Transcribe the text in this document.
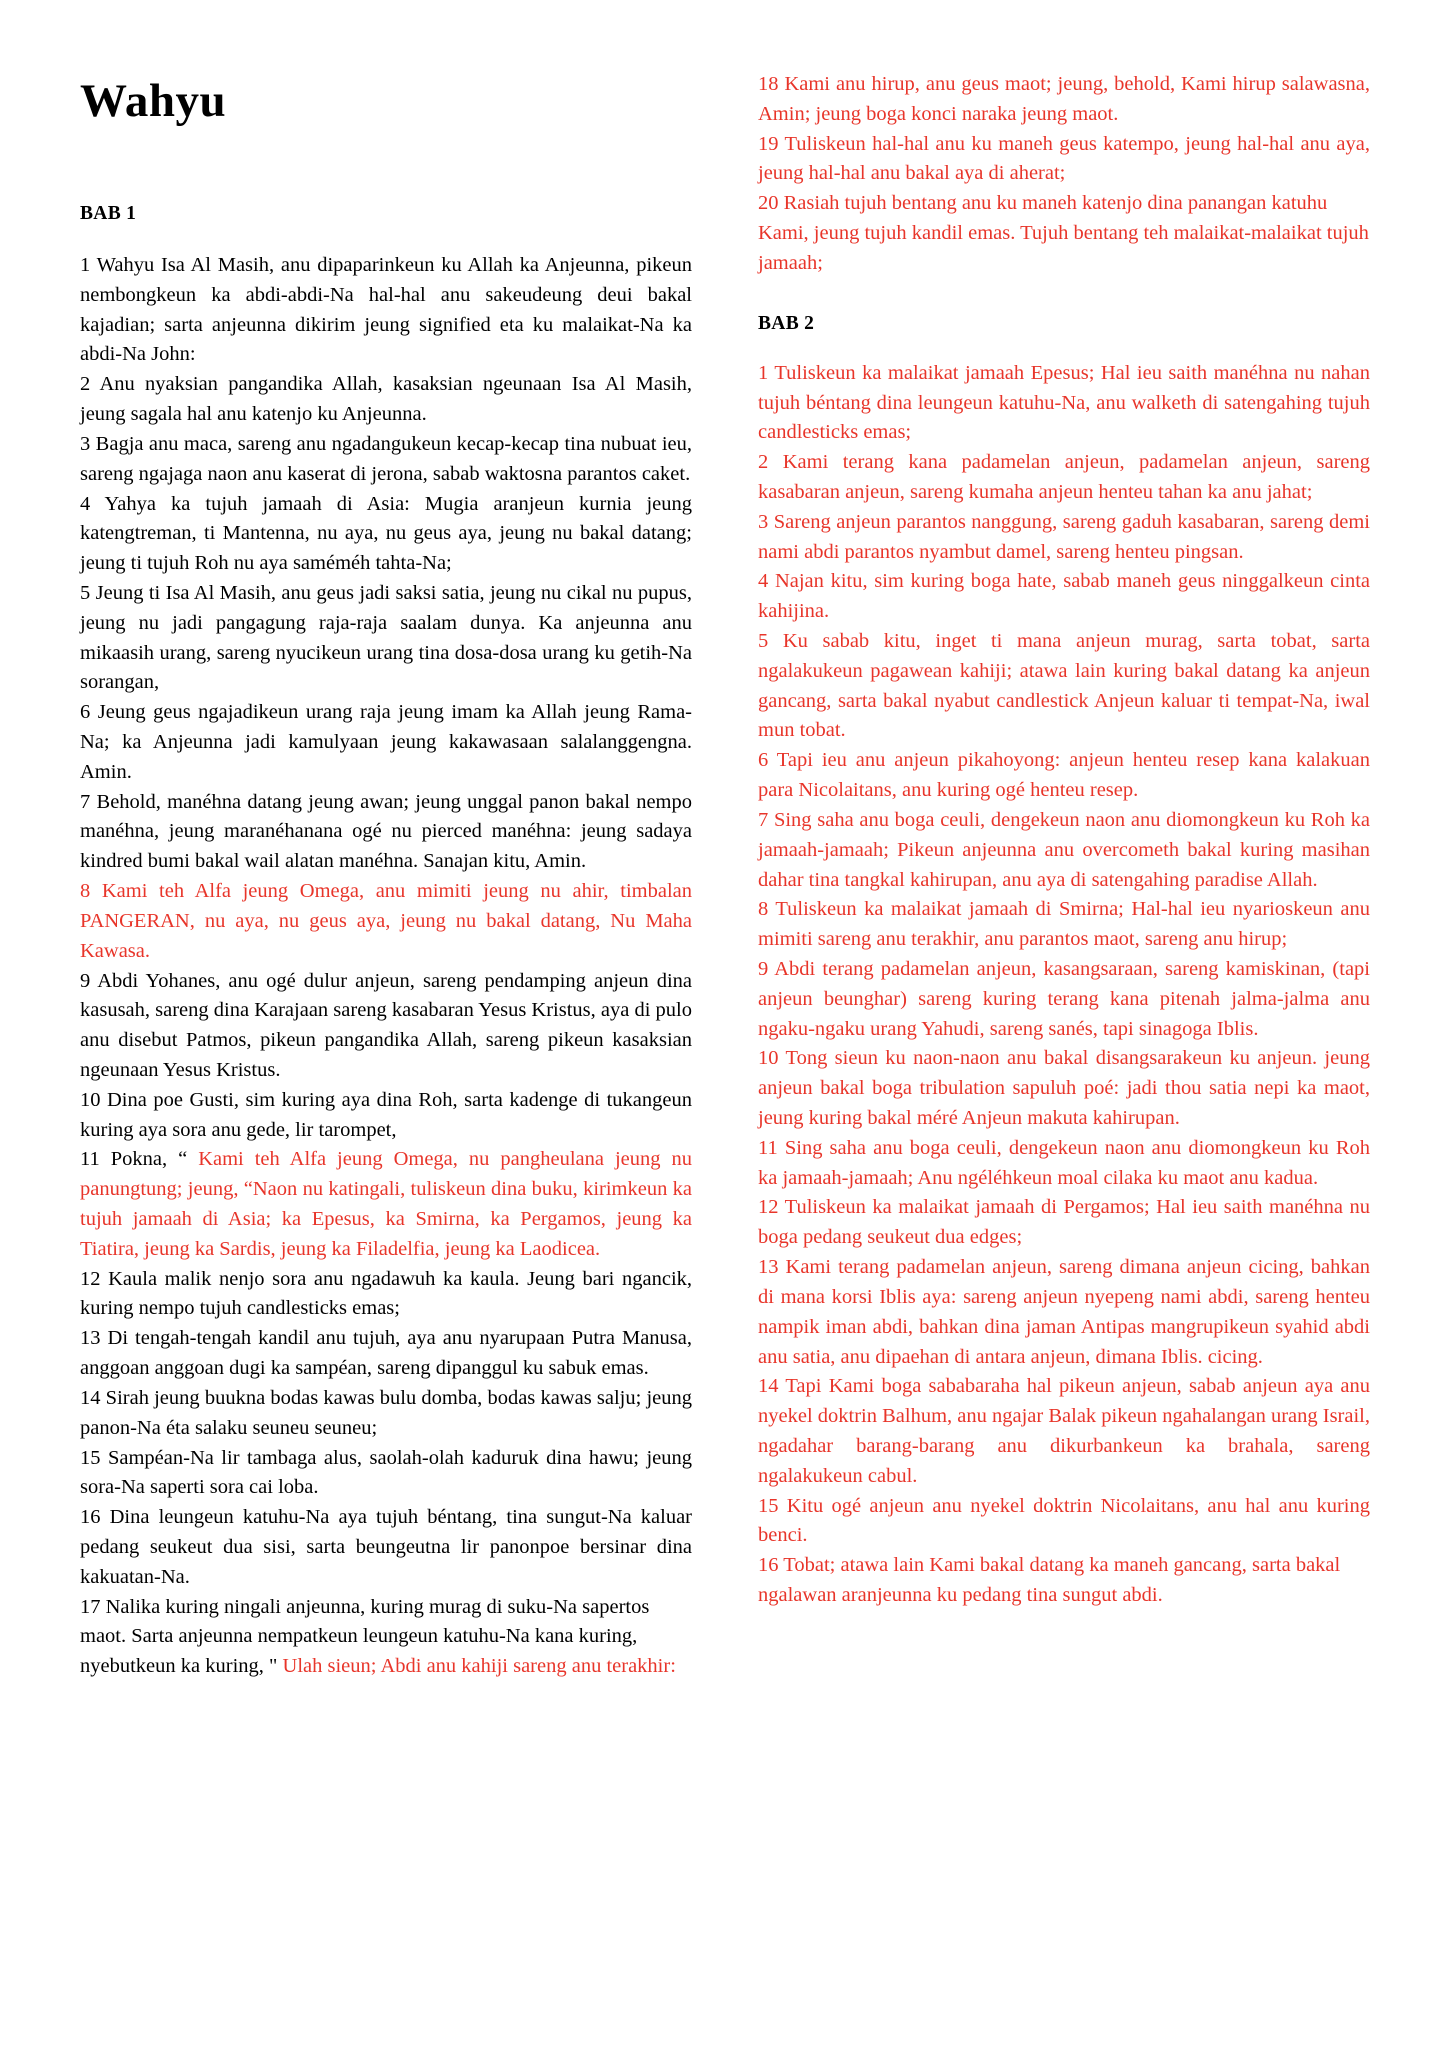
Wahyu
BAB 1
1 Wahyu Isa Al Masih, anu dipaparinkeun ku Allah ka Anjeunna, pikeun nembongkeun ka abdi-abdi-Na hal-hal anu sakeudeung deui bakal kajadian; sarta anjeunna dikirim jeung signified eta ku malaikat-Na ka abdi-Na John:
2 Anu nyaksian pangandika Allah, kasaksian ngeunaan Isa Al Masih, jeung sagala hal anu katenjo ku Anjeunna.
3 Bagja anu maca, sareng anu ngadangukeun kecap-kecap tina nubuat ieu, sareng ngajaga naon anu kaserat di jerona, sabab waktosna parantos caket.
4 Yahya ka tujuh jamaah di Asia: Mugia aranjeun kurnia jeung katengtreman, ti Mantenna, nu aya, nu geus aya, jeung nu bakal datang; jeung ti tujuh Roh nu aya saméméh tahta-Na;
5 Jeung ti Isa Al Masih, anu geus jadi saksi satia, jeung nu cikal nu pupus, jeung nu jadi pangagung raja-raja saalam dunya. Ka anjeunna anu mikaasih urang, sareng nyucikeun urang tina dosa-dosa urang ku getih-Na sorangan,
6 Jeung geus ngajadikeun urang raja jeung imam ka Allah jeung Rama-Na; ka Anjeunna jadi kamulyaan jeung kakawasaan salalanggengna. Amin.
7 Behold, manéhna datang jeung awan; jeung unggal panon bakal nempo manéhna, jeung maranéhanana ogé nu pierced manéhna: jeung sadaya kindred bumi bakal wail alatan manéhna. Sanajan kitu, Amin.
8 Kami teh Alfa jeung Omega, anu mimiti jeung nu ahir, timbalan PANGERAN, nu aya, nu geus aya, jeung nu bakal datang, Nu Maha Kawasa.
9 Abdi Yohanes, anu ogé dulur anjeun, sareng pendamping anjeun dina kasusah, sareng dina Karajaan sareng kasabaran Yesus Kristus, aya di pulo anu disebut Patmos, pikeun pangandika Allah, sareng pikeun kasaksian ngeunaan Yesus Kristus.
10 Dina poe Gusti, sim kuring aya dina Roh, sarta kadenge di tukangeun kuring aya sora anu gede, lir tarompet,
11 Pokna, “ Kami teh Alfa jeung Omega, nu pangheulana jeung nu panungtung; jeung, “Naon nu katingali, tuliskeun dina buku, kirimkeun ka tujuh jamaah di Asia; ka Epesus, ka Smirna, ka Pergamos, jeung ka Tiatira, jeung ka Sardis, jeung ka Filadelfia, jeung ka Laodicea.
12 Kaula malik nenjo sora anu ngadawuh ka kaula. Jeung bari ngancik, kuring nempo tujuh candlesticks emas;
13 Di tengah-tengah kandil anu tujuh, aya anu nyarupaan Putra Manusa, anggoan anggoan dugi ka sampéan, sareng dipanggul ku sabuk emas.
14 Sirah jeung buukna bodas kawas bulu domba, bodas kawas salju; jeung panon-Na éta salaku seuneu seuneu;
15 Sampéan-Na lir tambaga alus, saolah-olah kaduruk dina hawu; jeung sora-Na saperti sora cai loba.
16 Dina leungeun katuhu-Na aya tujuh béntang, tina sungut-Na kaluar pedang seukeut dua sisi, sarta beungeutna lir panonpoe bersinar dina kakuatan-Na.
17 Nalika kuring ningali anjeunna, kuring murag di suku-Na sapertos maot. Sarta anjeunna nempatkeun leungeun katuhu-Na kana kuring, nyebutkeun ka kuring, " Ulah sieun; Abdi anu kahiji sareng anu terakhir:
18 Kami anu hirup, anu geus maot; jeung, behold, Kami hirup salawasna, Amin; jeung boga konci naraka jeung maot.
19 Tuliskeun hal-hal anu ku maneh geus katempo, jeung hal-hal anu aya, jeung hal-hal anu bakal aya di aherat;
20 Rasiah tujuh bentang anu ku maneh katenjo dina panangan katuhu Kami, jeung tujuh kandil emas. Tujuh bentang teh malaikat-malaikat tujuh jamaah;
BAB 2
1 Tuliskeun ka malaikat jamaah Epesus; Hal ieu saith manéhna nu nahan tujuh béntang dina leungeun katuhu-Na, anu walketh di satengahing tujuh candlesticks emas;
2 Kami terang kana padamelan anjeun, padamelan anjeun, sareng kasabaran anjeun, sareng kumaha anjeun henteu tahan ka anu jahat;
3 Sareng anjeun parantos nanggung, sareng gaduh kasabaran, sareng demi nami abdi parantos nyambut damel, sareng henteu pingsan.
4 Najan kitu, sim kuring boga hate, sabab maneh geus ninggalkeun cinta kahijina.
5 Ku sabab kitu, inget ti mana anjeun murag, sarta tobat, sarta ngalakukeun pagawean kahiji; atawa lain kuring bakal datang ka anjeun gancang, sarta bakal nyabut candlestick Anjeun kaluar ti tempat-Na, iwal mun tobat.
6 Tapi ieu anu anjeun pikahoyong: anjeun henteu resep kana kalakuan para Nicolaitans, anu kuring ogé henteu resep.
7 Sing saha anu boga ceuli, dengekeun naon anu diomongkeun ku Roh ka jamaah-jamaah; Pikeun anjeunna anu overcometh bakal kuring masihan dahar tina tangkal kahirupan, anu aya di satengahing paradise Allah.
8 Tuliskeun ka malaikat jamaah di Smirna; Hal-hal ieu nyarioskeun anu mimiti sareng anu terakhir, anu parantos maot, sareng anu hirup;
9 Abdi terang padamelan anjeun, kasangsaraan, sareng kamiskinan, (tapi anjeun beunghar) sareng kuring terang kana pitenah jalma-jalma anu ngaku-ngaku urang Yahudi, sareng sanés, tapi sinagoga Iblis.
10 Tong sieun ku naon-naon anu bakal disangsarakeun ku anjeun. jeung anjeun bakal boga tribulation sapuluh poé: jadi thou satia nepi ka maot, jeung kuring bakal méré Anjeun makuta kahirupan.
11 Sing saha anu boga ceuli, dengekeun naon anu diomongkeun ku Roh ka jamaah-jamaah; Anu ngéléhkeun moal cilaka ku maot anu kadua.
12 Tuliskeun ka malaikat jamaah di Pergamos; Hal ieu saith manéhna nu boga pedang seukeut dua edges;
13 Kami terang padamelan anjeun, sareng dimana anjeun cicing, bahkan di mana korsi Iblis aya: sareng anjeun nyepeng nami abdi, sareng henteu nampik iman abdi, bahkan dina jaman Antipas mangrupikeun syahid abdi anu satia, anu dipaehan di antara anjeun, dimana Iblis. cicing.
14 Tapi Kami boga sababaraha hal pikeun anjeun, sabab anjeun aya anu nyekel doktrin Balhum, anu ngajar Balak pikeun ngahalangan urang Israil, ngadahar barang-barang anu dikurbankeun ka brahala, sareng ngalakukeun cabul.
15 Kitu ogé anjeun anu nyekel doktrin Nicolaitans, anu hal anu kuring benci.
16 Tobat; atawa lain Kami bakal datang ka maneh gancang, sarta bakal ngalawan aranjeunna ku pedang tina sungut abdi.
